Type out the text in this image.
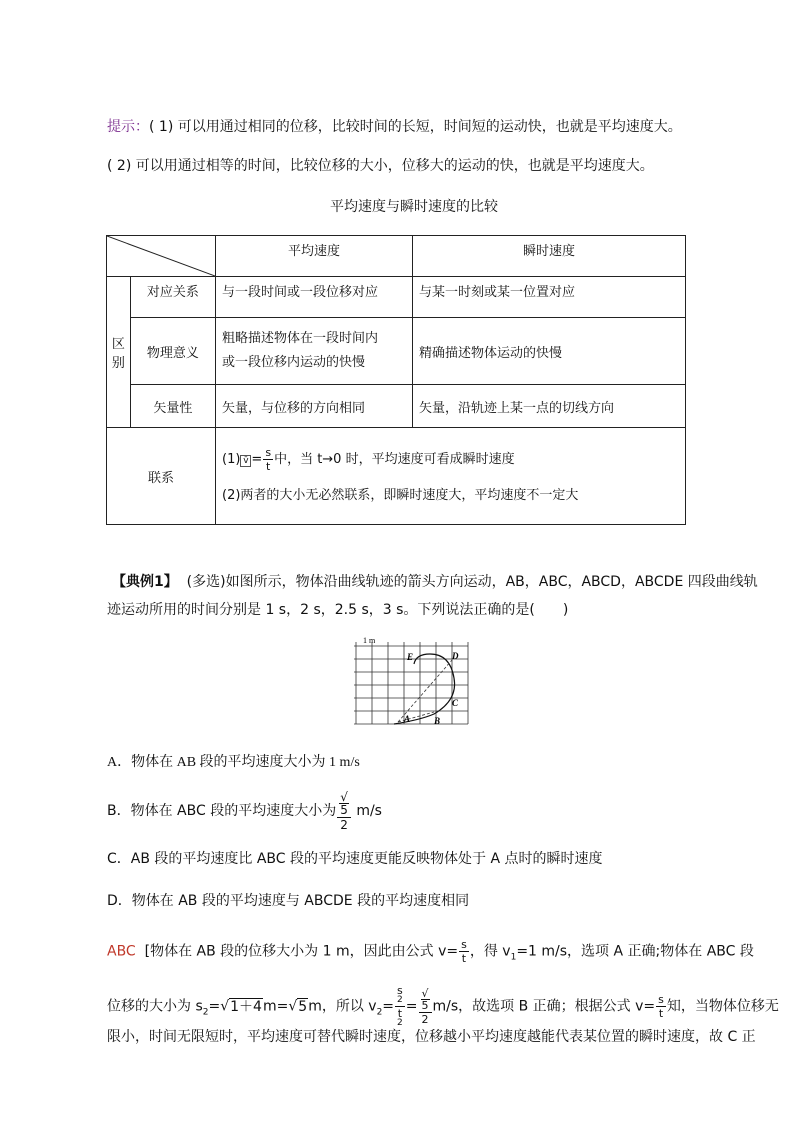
提示：( 1) 可以用通过相同的位移，比较时间的长短，时间短的运动快，也就是平均速度大。
( 2) 可以用通过相等的时间，比较位移的大小，位移大的运动的快，也就是平均速度大。
平均速度与瞬时速度的比较
	平均速度	瞬时速度

区
别	对应关系	与一段时间或一段位移对应	与某一时刻或某一位置对应
	物理意义	粗略描述物体在一段时间内
或一段位移内运动的快慢	精确描述物体运动的快慢
	矢量性	矢量，与位移的方向相同	矢量，沿轨迹上某一点的切线方向
联系		(1) v̄ = $\frac{s}{t}$ 中，当 t→0 时，平均速度可看成瞬时速度
(2)两者的大小无必然联系，即瞬时速度大，平均速度不一定大	
【典例1】 (多选)如图所示，物体沿曲线轨迹的箭头方向运动，AB，ABC，ABCD，ABCDE 四段曲线轨
迹运动所用的时间分别是 1 s，2 s，2.5 s，3 s。下列说法正确的是(　　)
1 m
A	B
C
D
E
A．物体在 AB 段的平均速度大小为 1 m/s
B．物体在 ABC 段的平均速度大小为 √
5
2 m/s
C．AB 段的平均速度比 ABC 段的平均速度更能反映物体处于 A 点时的瞬时速度
D．物体在 AB 段的平均速度与 ABCDE 段的平均速度相同
ABC [物体在 AB 段的位移大小为 1 m，因此由公式 $v= \frac{s}{t}$ ，得 $v_1=1$ m/s，选项 A 正确;物体在 ABC 段
位移的大小为 $s_2=√1+4m=√5m$，所以 $v_2= s$
2
t
2 = √
5
2 m/s，故选项 B 正确；根据公式 $v= \frac{s}{t}$ 知，当物体位移无
限小，时间无限短时，平均速度可替代瞬时速度，位移越小平均速度越能代表某位置的瞬时速度，故 C 正
